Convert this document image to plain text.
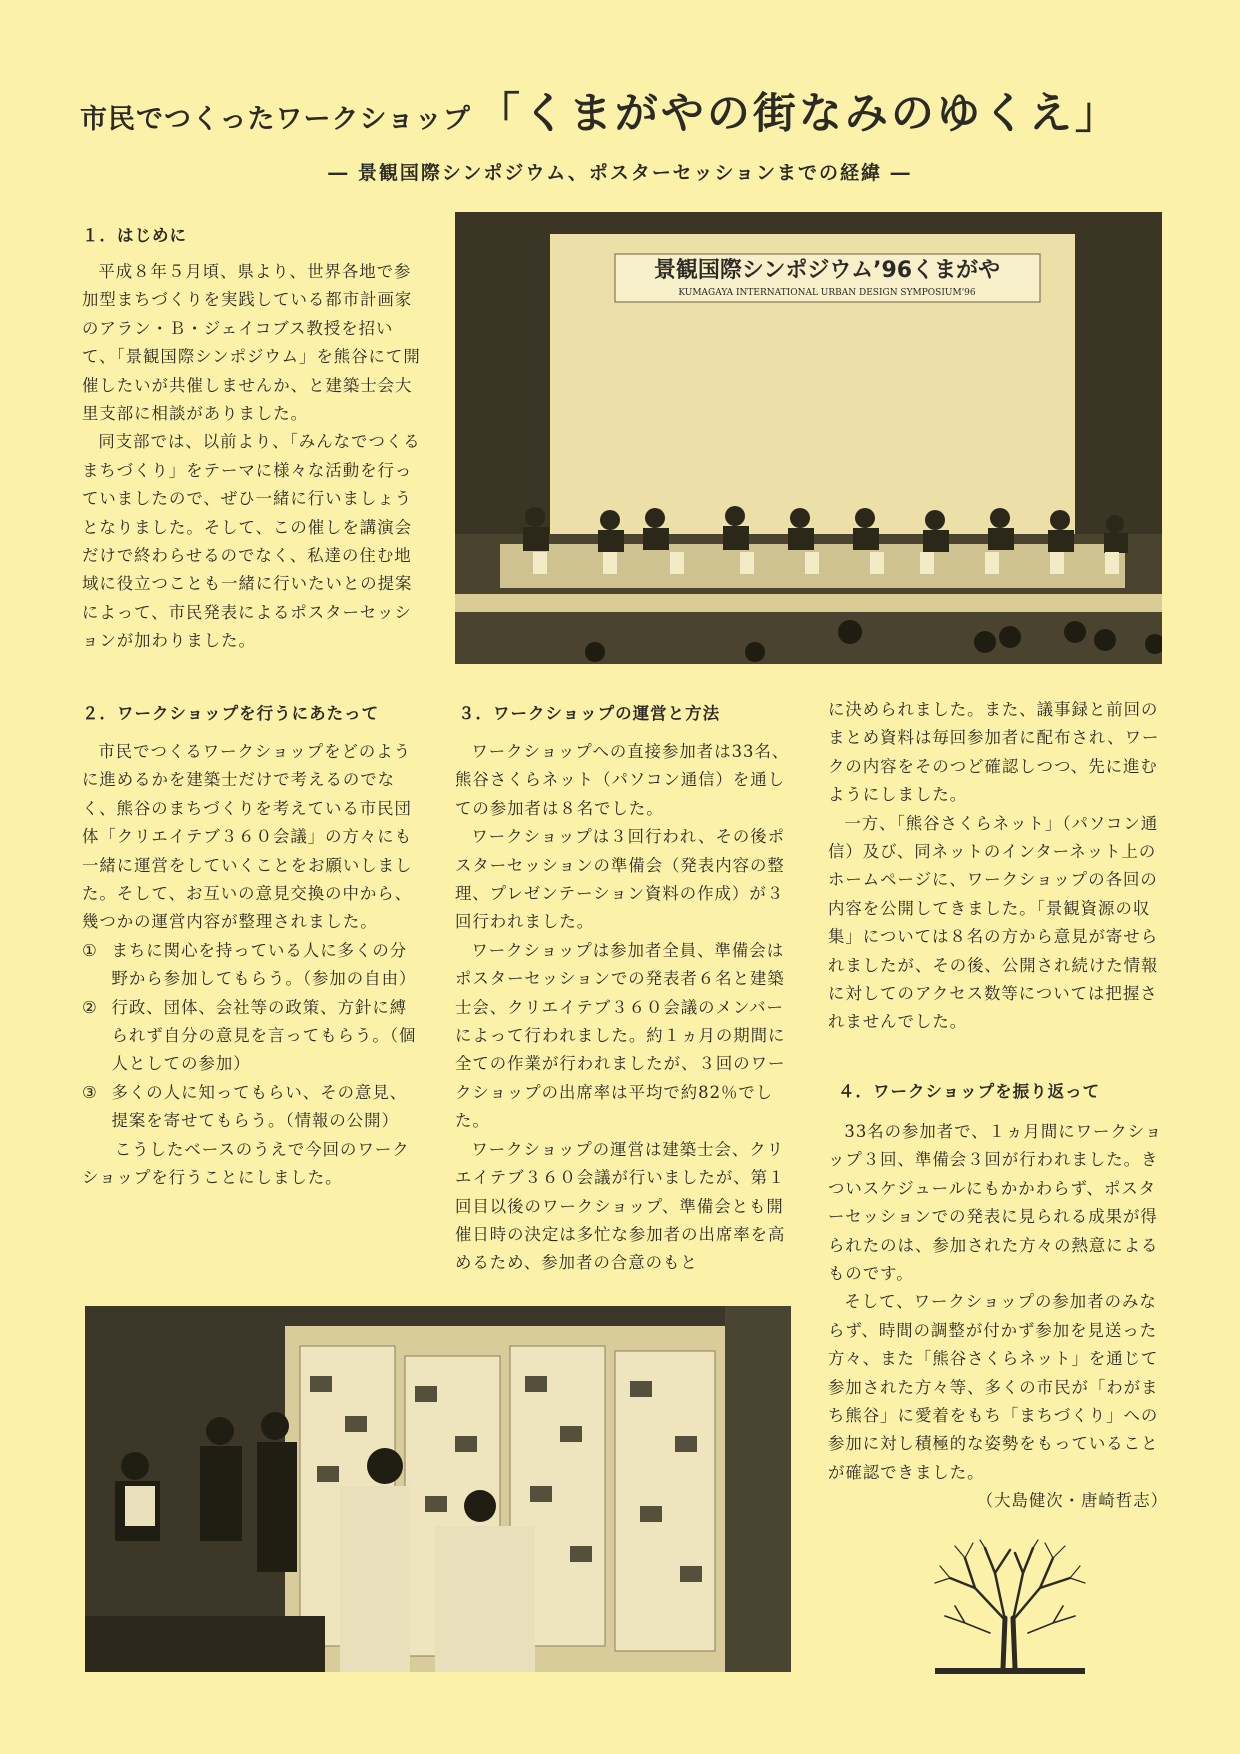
市民でつくったワークショップ 「くまがやの街なみのゆくえ」
― 景観国際シンポジウム、ポスターセッションまでの経緯 ―
１．はじめに

平成８年５月頃、県より、世界各地で参加型まちづくりを実践している都市計画家のアラン・Ｂ・ジェイコブス教授を招いて、「景観国際シンポジウム」を熊谷にて開催したいが共催しませんか、と建築士会大里支部に相談がありました。

同支部では、以前より、「みんなでつくるまちづくり」をテーマに様々な活動を行っていましたので、ぜひ一緒に行いましょうとなりました。そして、この催しを講演会だけで終わらせるのでなく、私達の住む地域に役立つことも一緒に行いたいとの提案によって、市民発表によるポスターセッションが加わりました。

景観国際シンポジウム’96くまがや
KUMAGAYA INTERNATIONAL URBAN DESIGN SYMPOSIUM'96
２．ワークショップを行うにあたって

市民でつくるワークショップをどのように進めるかを建築士だけで考えるのでなく、熊谷のまちづくりを考えている市民団体「クリエイテブ３６０会議」の方々にも一緒に運営をしていくことをお願いしました。そして、お互いの意見交換の中から、幾つかの運営内容が整理されました。

① まちに関心を持っている人に多くの分野から参加してもらう。（参加の自由）
② 行政、団体、会社等の政策、方針に縛られず自分の意見を言ってもらう。（個人としての参加）
③ 多くの人に知ってもらい、その意見、提案を寄せてもらう。（情報の公開）

こうしたベースのうえで今回のワークショップを行うことにしました。

３．ワークショップの運営と方法

ワークショップへの直接参加者は33名、熊谷さくらネット（パソコン通信）を通しての参加者は８名でした。

ワークショップは３回行われ、その後ポスターセッションの準備会（発表内容の整理、プレゼンテーション資料の作成）が３回行われました。

ワークショップは参加者全員、準備会はポスターセッションでの発表者６名と建築士会、クリエイテブ３６０会議のメンバーによって行われました。約１ヵ月の期間に全ての作業が行われましたが、３回のワークショップの出席率は平均で約82％でした。

ワークショップの運営は建築士会、クリエイテブ３６０会議が行いましたが、第１回目以後のワークショップ、準備会とも開催日時の決定は多忙な参加者の出席率を高めるため、参加者の合意のもと

に決められました。また、議事録と前回のまとめ資料は毎回参加者に配布され、ワークの内容をそのつど確認しつつ、先に進むようにしました。

一方、「熊谷さくらネット」（パソコン通信）及び、同ネットのインターネット上のホームページに、ワークショップの各回の内容を公開してきました。「景観資源の収集」については８名の方から意見が寄せられましたが、その後、公開され続けた情報に対してのアクセス数等については把握されませんでした。

４．ワークショップを振り返って

33名の参加者で、１ヵ月間にワークショップ３回、準備会３回が行われました。きついスケジュールにもかかわらず、ポスターセッションでの発表に見られる成果が得られたのは、参加された方々の熱意によるものです。

そして、ワークショップの参加者のみならず、時間の調整が付かず参加を見送った方々、また「熊谷さくらネット」を通じて参加された方々等、多くの市民が「わがまち熊谷」に愛着をもち「まちづくり」への参加に対し積極的な姿勢をもっていることが確認できました。

（大島健次・唐崎哲志）
